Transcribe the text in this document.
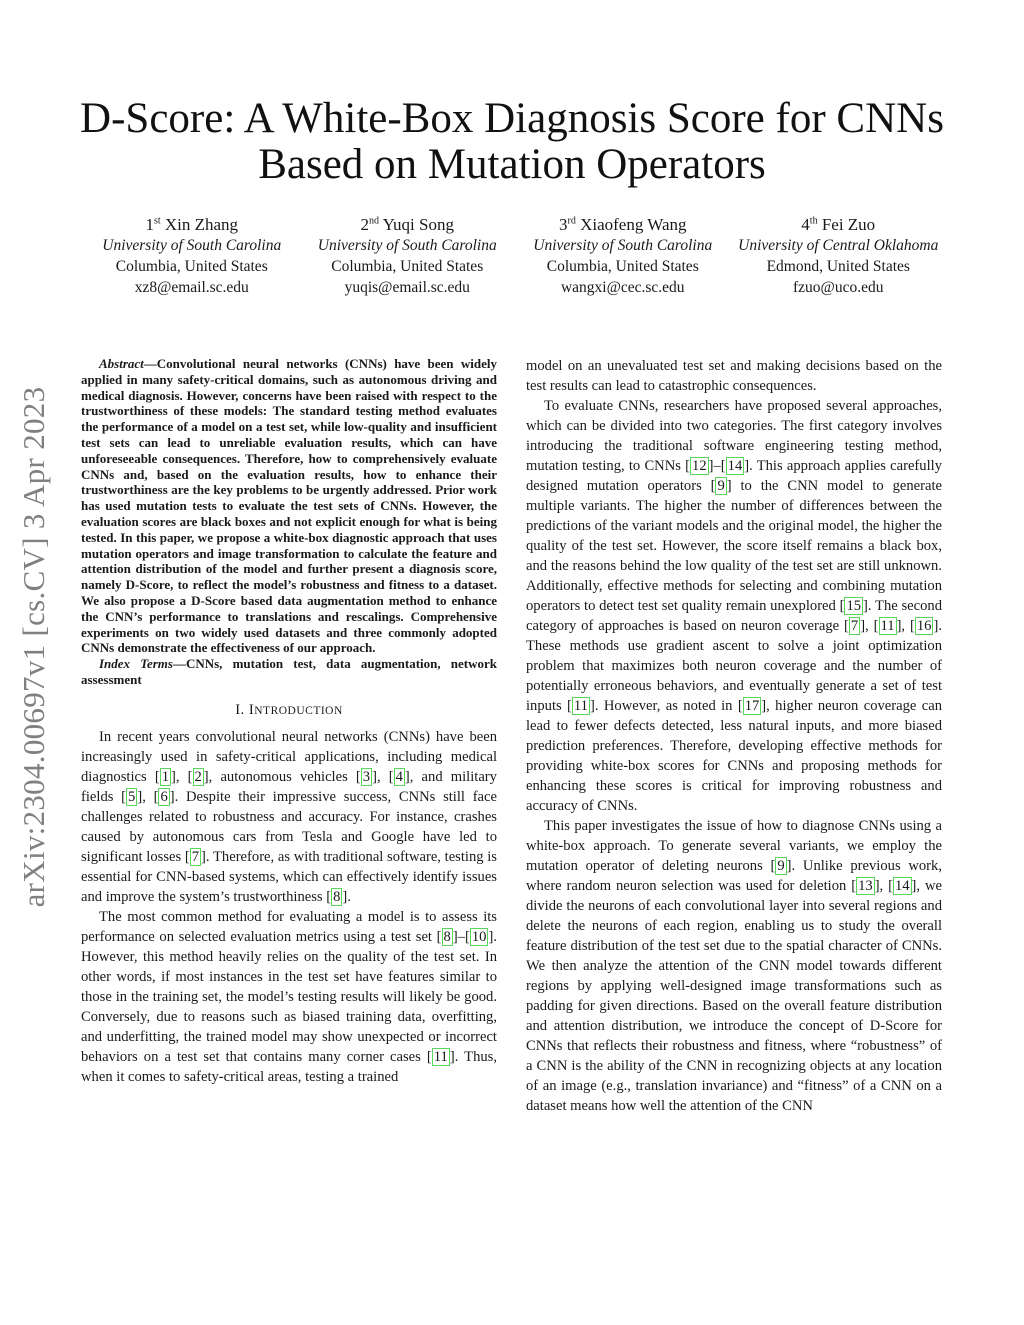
arXiv:2304.00697v1 [cs.CV] 3 Apr 2023
D-Score: A White-Box Diagnosis Score for CNNs
Based on Mutation Operators
1st Xin Zhang
University of South Carolina
Columbia, United States
xz8@email.sc.edu
2nd Yuqi Song
University of South Carolina
Columbia, United States
yuqis@email.sc.edu
3rd Xiaofeng Wang
University of South Carolina
Columbia, United States
wangxi@cec.sc.edu
4th Fei Zuo
University of Central Oklahoma
Edmond, United States
fzuo@uco.edu

Abstract—Convolutional neural networks (CNNs) have been widely applied in many safety-critical domains, such as autonomous driving and medical diagnosis. However, concerns have been raised with respect to the trustworthiness of these models: The standard testing method evaluates the performance of a model on a test set, while low-quality and insufficient test sets can lead to unreliable evaluation results, which can have unforeseeable consequences. Therefore, how to comprehensively evaluate CNNs and, based on the evaluation results, how to enhance their trustworthiness are the key problems to be urgently addressed. Prior work has used mutation tests to evaluate the test sets of CNNs. However, the evaluation scores are black boxes and not explicit enough for what is being tested. In this paper, we propose a white-box diagnostic approach that uses mutation operators and image transformation to calculate the feature and attention distribution of the model and further present a diagnosis score, namely D-Score, to reflect the model’s robustness and fitness to a dataset. We also propose a D-Score based data augmentation method to enhance the CNN’s performance to translations and rescalings. Comprehensive experiments on two widely used datasets and three commonly adopted CNNs demonstrate the effectiveness of our approach.

Index Terms—CNNs, mutation test, data augmentation, network assessment

I. INTRODUCTION

In recent years convolutional neural networks (CNNs) have been increasingly used in safety-critical applications, including medical diagnostics [ 1 ], [ 2 ], autonomous vehicles [ 3 ], [ 4 ], and military fields [ 5 ], [ 6 ]. Despite their impressive success, CNNs still face challenges related to robustness and accuracy. For instance, crashes caused by autonomous cars from Tesla and Google have led to significant losses [ 7 ]. Therefore, as with traditional software, testing is essential for CNN-based systems, which can effectively identify issues and improve the system’s trustworthiness [ 8 ].

The most common method for evaluating a model is to assess its performance on selected evaluation metrics using a test set [ 8 ]–[ 10 ]. However, this method heavily relies on the quality of the test set. In other words, if most instances in the test set have features similar to those in the training set, the model’s testing results will likely be good. Conversely, due to reasons such as biased training data, overfitting, and underfitting, the trained model may show unexpected or incorrect behaviors on a test set that contains many corner cases [ 11 ]. Thus, when it comes to safety-critical areas, testing a trained

model on an unevaluated test set and making decisions based on the test results can lead to catastrophic consequences.

To evaluate CNNs, researchers have proposed several approaches, which can be divided into two categories. The first category involves introducing the traditional software engineering testing method, mutation testing, to CNNs [ 12 ]–[ 14 ]. This approach applies carefully designed mutation operators [ 9 ] to the CNN model to generate multiple variants. The higher the number of differences between the predictions of the variant models and the original model, the higher the quality of the test set. However, the score itself remains a black box, and the reasons behind the low quality of the test set are still unknown. Additionally, effective methods for selecting and combining mutation operators to detect test set quality remain unexplored [ 15 ]. The second category of approaches is based on neuron coverage [ 7 ], [ 11 ], [ 16 ]. These methods use gradient ascent to solve a joint optimization problem that maximizes both neuron coverage and the number of potentially erroneous behaviors, and eventually generate a set of test inputs [ 11 ]. However, as noted in [ 17 ], higher neuron coverage can lead to fewer defects detected, less natural inputs, and more biased prediction preferences. Therefore, developing effective methods for providing white-box scores for CNNs and proposing methods for enhancing these scores is critical for improving robustness and accuracy of CNNs.

This paper investigates the issue of how to diagnose CNNs using a white-box approach. To generate several variants, we employ the mutation operator of deleting neurons [ 9 ]. Unlike previous work, where random neuron selection was used for deletion [ 13 ], [ 14 ], we divide the neurons of each convolutional layer into several regions and delete the neurons of each region, enabling us to study the overall feature distribution of the test set due to the spatial character of CNNs. We then analyze the attention of the CNN model towards different regions by applying well-designed image transformations such as padding for given directions. Based on the overall feature distribution and attention distribution, we introduce the concept of D-Score for CNNs that reflects their robustness and fitness, where “robustness” of a CNN is the ability of the CNN in recognizing objects at any location of an image (e.g., translation invariance) and “fitness” of a CNN on a dataset means how well the attention of the CNN
